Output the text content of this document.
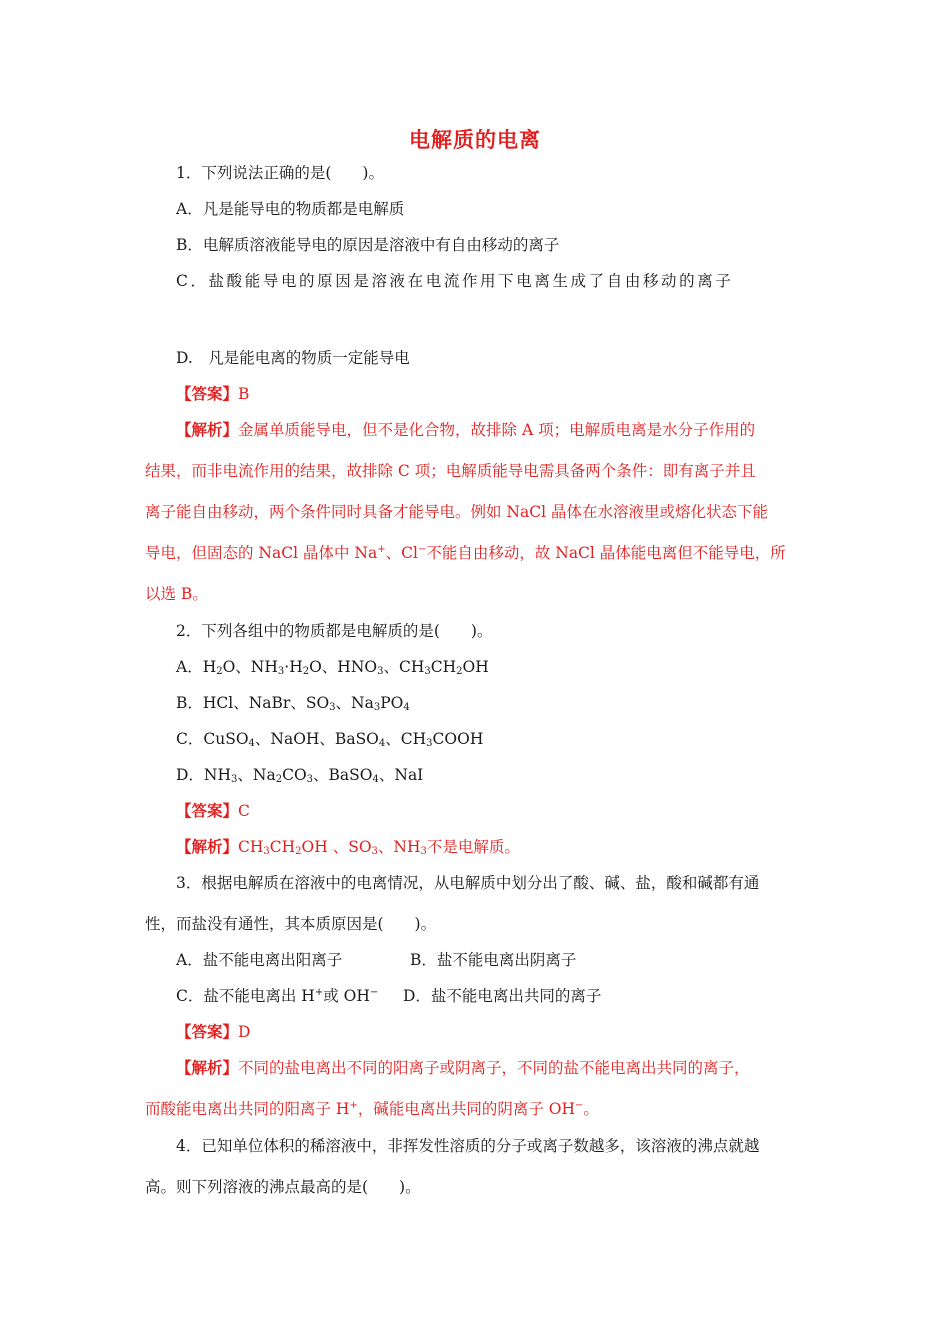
电解质的电离
1．下列说法正确的是(　　)。
A．凡是能导电的物质都是电解质
B．电解质溶液能导电的原因是溶液中有自由移动的离子
C．盐酸能导电的原因是溶液在电流作用下电离生成了自由移动的离子
D.　凡是能电离的物质一定能导电
【答案】B
【解析】金属单质能导电，但不是化合物，故排除 A 项；电解质电离是水分子作用的
结果，而非电流作用的结果，故排除 C 项；电解质能导电需具备两个条件：即有离子并且
离子能自由移动，两个条件同时具备才能导电。例如 NaCl 晶体在水溶液里或熔化状态下能
导电，但固态的 NaCl 晶体中 Na+、Cl−不能自由移动，故 NaCl 晶体能电离但不能导电，所
以选 B。
2．下列各组中的物质都是电解质的是(　　)。
A．$H_2O$、$NH_3\cdot H_2O$、$HNO_3$、$CH_3CH_2OH$
B．HCl、NaBr、$SO_3$、$Na_3PO_4$
C．CuSO$_4$、NaOH、BaSO$_4$、$CH_3COOH$
D．$NH_3$、$Na_2CO_3$、BaSO$_4$、NaI
【答案】C
【解析】$CH_3CH_2OH$ 、$SO_3$、$NH_3$不是电解质。
3．根据电解质在溶液中的电离情况，从电解质中划分出了酸、碱、盐，酸和碱都有通
性，而盐没有通性，其本质原因是(　　)。
A．盐不能电离出阳离子	B．盐不能电离出阴离子
C．盐不能电离出 H+或 OH− D．盐不能电离出共同的离子
【答案】D
【解析】不同的盐电离出不同的阳离子或阴离子，不同的盐不能电离出共同的离子，
而酸能电离出共同的阳离子 H+，碱能电离出共同的阴离子 OH−。
4．已知单位体积的稀溶液中，非挥发性溶质的分子或离子数越多，该溶液的沸点就越
高。则下列溶液的沸点最高的是(　　)。
